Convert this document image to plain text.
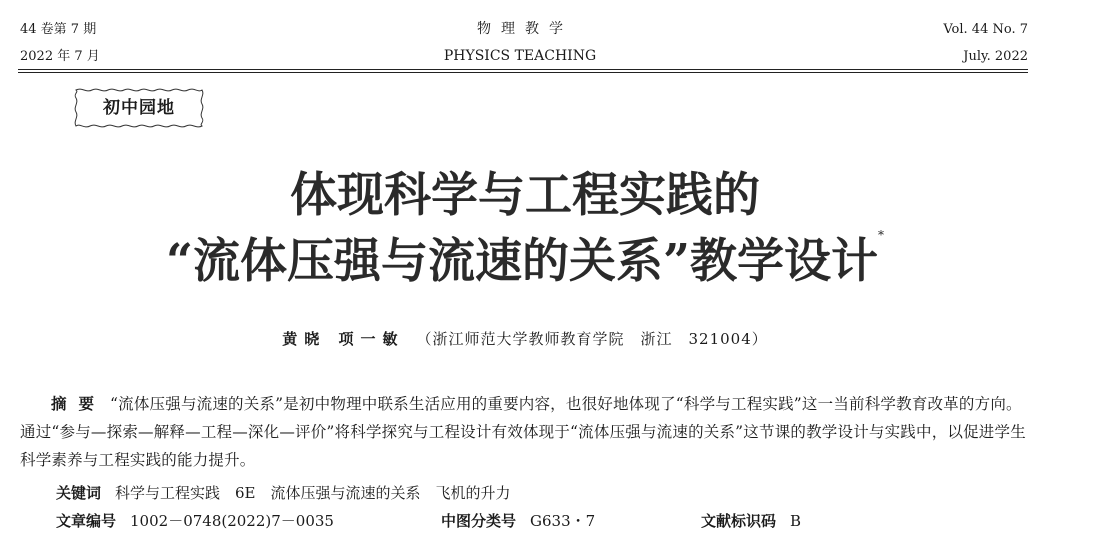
44 卷第 7 期
2022 年 7 月
物理教学
PHYSICS TEACHING
Vol. 44 No. 7
July. 2022
初中园地
体现科学与工程实践的
“流体压强与流速的关系”教学设计*
黄晓 项一敏 （浙江师范大学教师教育学院　浙江　321004）
摘要 “流体压强与流速的关系”是初中物理中联系生活应用的重要内容，也很好地体现了“科学与工程实践”这一当前科学教育改革的方向。通过“参与—探索—解释—工程—深化—评价”将科学探究与工程设计有效体现于“流体压强与流速的关系”这节课的教学设计与实践中，以促进学生科学素养与工程实践的能力提升。
关键词 科学与工程实践　6E　流体压强与流速的关系　飞机的升力
文章编号 1002－0748(2022)7－0035	中图分类号 G633・7	文献标识码 B
